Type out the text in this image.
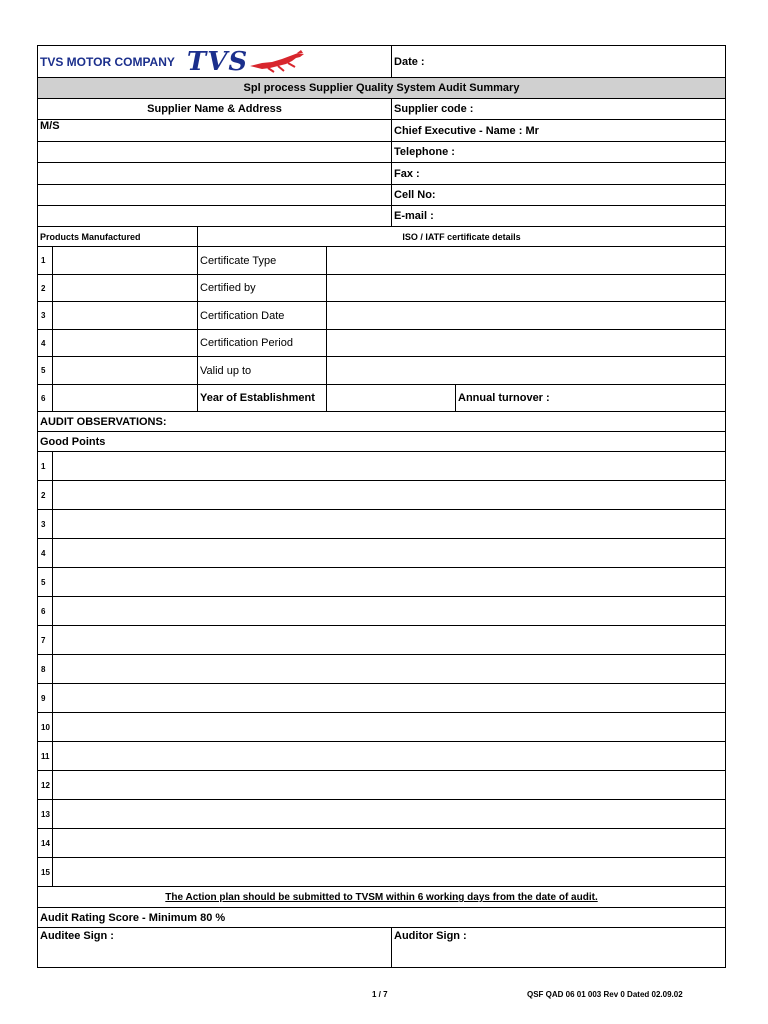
TVS MOTOR COMPANY TVS				Date :	
Spl process Supplier Quality System Audit Summary					
Supplier Name & Address				Supplier code :	
M/S				Chief Executive - Name : Mr	
				Telephone :	
				Fax :	
				Cell No:	
				E-mail :	
Products Manufactured		ISO / IATF certificate details			
1		Certificate Type			
2		Certified by			
3		Certification Date			
4		Certification Period			
5		Valid up to			
6		Year of Establishment			Annual turnover :
AUDIT OBSERVATIONS:					
Good Points					
1					
2					
3					
4					
5					
6					
7					
8					
9					
10					
11					
12					
13					
14					
15					
The Action plan should be submitted to TVSM within 6 working days from the date of audit.					
Audit Rating Score - Minimum 80 %					
Auditee Sign :				Auditor Sign :	
1 / 7	QSF QAD 06 01 003 Rev 0 Dated 02.09.02
